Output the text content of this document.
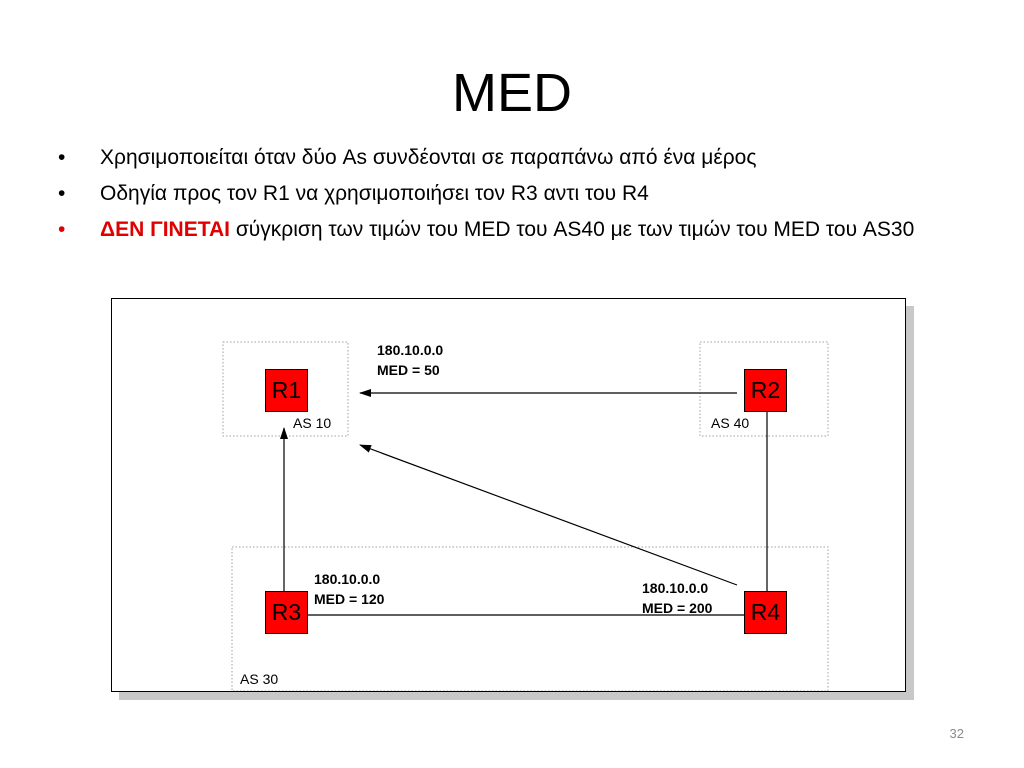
MED
•	Χρησιμοποιείται όταν δύο As συνδέονται σε παραπάνω από ένα μέρος
•	Οδηγία προς τον R1 να χρησιμοποιήσει τον R3 αντι του R4
•	ΔΕΝ ΓΙΝΕΤΑΙ σύγκριση των τιμών του MED του AS40 με των τιμών του MED του AS30
R1	R2
R3	R4
AS 10	AS 40
AS 30
180.10.0.0
MED = 50
180.10.0.0
MED = 120
180.10.0.0
MED = 200
32
